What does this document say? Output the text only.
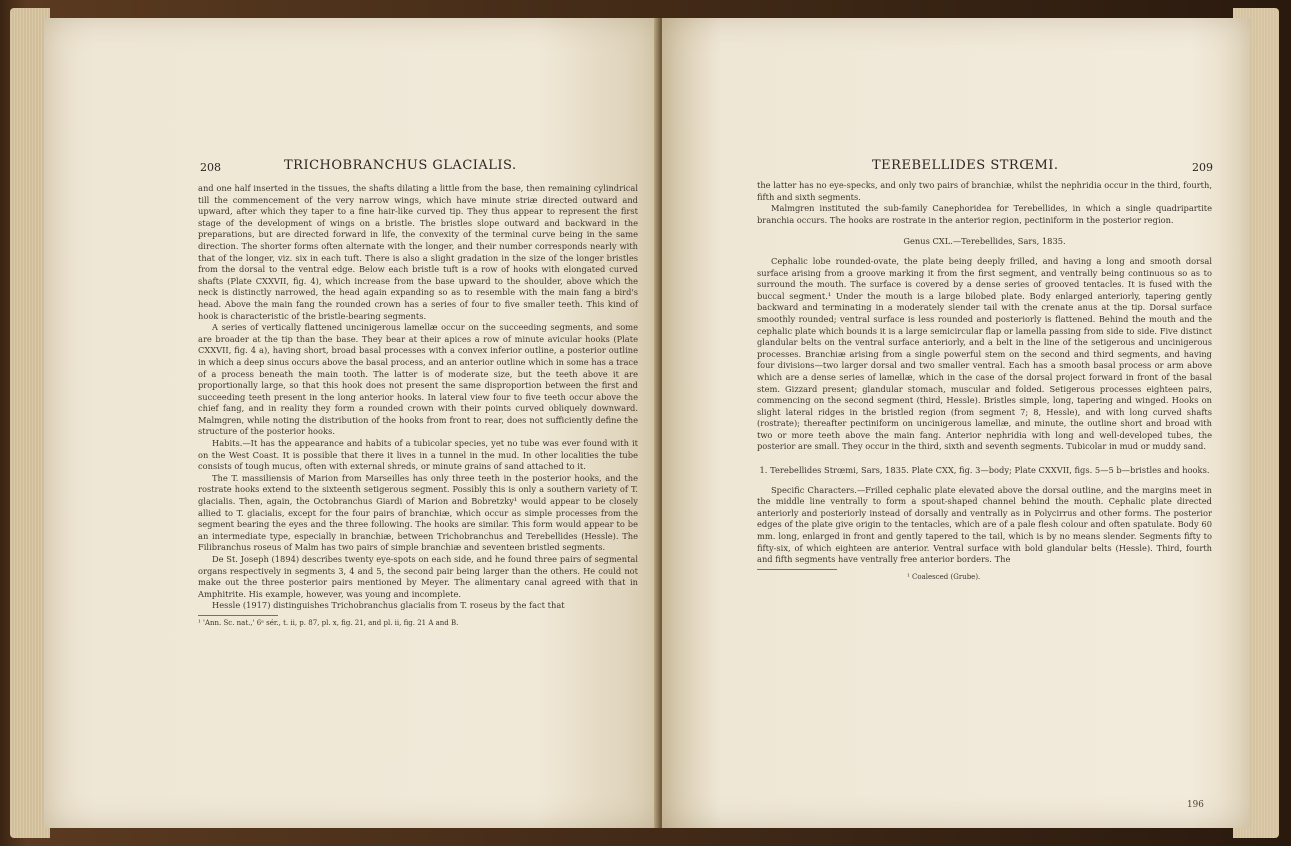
208	TRICHOBRANCHUS GLACIALIS.

and one half inserted in the tissues, the shafts dilating a little from the base, then remaining cylindrical till the commencement of the very narrow wings, which have minute striæ directed outward and upward, after which they taper to a fine hair-like curved tip. They thus appear to represent the first stage of the development of wings on a bristle. The bristles slope outward and backward in the preparations, but are directed forward in life, the convexity of the terminal curve being in the same direction. The shorter forms often alternate with the longer, and their number corresponds nearly with that of the longer, viz. six in each tuft. There is also a slight gradation in the size of the longer bristles from the dorsal to the ventral edge. Below each bristle tuft is a row of hooks with elongated curved shafts (Plate CXXVII, fig. 4), which increase from the base upward to the shoulder, above which the neck is distinctly narrowed, the head again expanding so as to resemble with the main fang a bird's head. Above the main fang the rounded crown has a series of four to five smaller teeth. This kind of hook is characteristic of the bristle-bearing segments.

A series of vertically flattened uncinigerous lamellæ occur on the succeeding segments, and some are broader at the tip than the base. They bear at their apices a row of minute avicular hooks (Plate CXXVII, fig. 4 a), having short, broad basal processes with a convex inferior outline, a posterior outline in which a deep sinus occurs above the basal process, and an anterior outline which in some has a trace of a process beneath the main tooth. The latter is of moderate size, but the teeth above it are proportionally large, so that this hook does not present the same disproportion between the first and succeeding teeth present in the long anterior hooks. In lateral view four to five teeth occur above the chief fang, and in reality they form a rounded crown with their points curved obliquely downward. Malmgren, while noting the distribution of the hooks from front to rear, does not sufficiently define the structure of the posterior hooks.

Habits.—It has the appearance and habits of a tubicolar species, yet no tube was ever found with it on the West Coast. It is possible that there it lives in a tunnel in the mud. In other localities the tube consists of tough mucus, often with external shreds, or minute grains of sand attached to it.

The T. massiliensis of Marion from Marseilles has only three teeth in the posterior hooks, and the rostrate hooks extend to the sixteenth setigerous segment. Possibly this is only a southern variety of T. glacialis. Then, again, the Octobranchus Giardi of Marion and Bobretzky¹ would appear to be closely allied to T. glacialis, except for the four pairs of branchiæ, which occur as simple processes from the segment bearing the eyes and the three following. The hooks are similar. This form would appear to be an intermediate type, especially in branchiæ, between Trichobranchus and Terebellides (Hessle). The Filibranchus roseus of Malm has two pairs of simple branchiæ and seventeen bristled segments.

De St. Joseph (1894) describes twenty eye-spots on each side, and he found three pairs of segmental organs respectively in segments 3, 4 and 5, the second pair being larger than the others. He could not make out the three posterior pairs mentioned by Meyer. The alimentary canal agreed with that in Amphitrite. His example, however, was young and incomplete.

Hessle (1917) distinguishes Trichobranchus glacialis from T. roseus by the fact that

¹ 'Ann. Sc. nat.,' 6ᵉ sér., t. ii, p. 87, pl. x, fig. 21, and pl. ii, fig. 21 A and B.

TEREBELLIDES STRŒMI.	209

the latter has no eye-specks, and only two pairs of branchiæ, whilst the nephridia occur in the third, fourth, fifth and sixth segments.

Malmgren instituted the sub-family Canephoridea for Terebellides, in which a single quadripartite branchia occurs. The hooks are rostrate in the anterior region, pectiniform in the posterior region.

Genus CXL.—Terebellides, Sars, 1835.

Cephalic lobe rounded-ovate, the plate being deeply frilled, and having a long and smooth dorsal surface arising from a groove marking it from the first segment, and ventrally being continuous so as to surround the mouth. The surface is covered by a dense series of grooved tentacles. It is fused with the buccal segment.¹ Under the mouth is a large bilobed plate. Body enlarged anteriorly, tapering gently backward and terminating in a moderately slender tail with the crenate anus at the tip. Dorsal surface smoothly rounded; ventral surface is less rounded and posteriorly is flattened. Behind the mouth and the cephalic plate which bounds it is a large semicircular flap or lamella passing from side to side. Five distinct glandular belts on the ventral surface anteriorly, and a belt in the line of the setigerous and uncinigerous processes. Branchiæ arising from a single powerful stem on the second and third segments, and having four divisions—two larger dorsal and two smaller ventral. Each has a smooth basal process or arm above which are a dense series of lamellæ, which in the case of the dorsal project forward in front of the basal stem. Gizzard present; glandular stomach, muscular and folded. Setigerous processes eighteen pairs, commencing on the second segment (third, Hessle). Bristles simple, long, tapering and winged. Hooks on slight lateral ridges in the bristled region (from segment 7; 8, Hessle), and with long curved shafts (rostrate); thereafter pectiniform on uncinigerous lamellæ, and minute, the outline short and broad with two or more teeth above the main fang. Anterior nephridia with long and well-developed tubes, the posterior are small. They occur in the third, sixth and seventh segments. Tubicolar in mud or muddy sand.

1. Terebellides Strœmi, Sars, 1835. Plate CXX, fig. 3—body; Plate CXXVII, figs. 5—5 b—bristles and hooks.

Specific Characters.—Frilled cephalic plate elevated above the dorsal outline, and the margins meet in the middle line ventrally to form a spout-shaped channel behind the mouth. Cephalic plate directed anteriorly and posteriorly instead of dorsally and ventrally as in Polycirrus and other forms. The posterior edges of the plate give origin to the tentacles, which are of a pale flesh colour and often spatulate. Body 60 mm. long, enlarged in front and gently tapered to the tail, which is by no means slender. Segments fifty to fifty-six, of which eighteen are anterior. Ventral surface with bold glandular belts (Hessle). Third, fourth and fifth segments have ventrally free anterior borders. The

¹ Coalesced (Grube).

196
